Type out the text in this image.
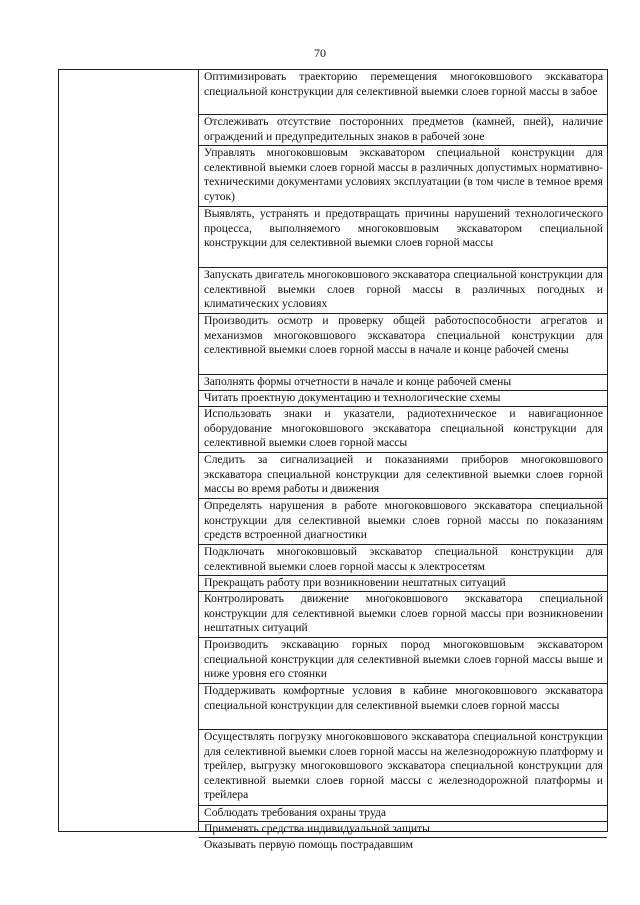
70
Оптимизировать траекторию перемещения многоковшового экскаватора специальной конструкции для селективной выемки слоев горной массы в забое
Отслеживать отсутствие посторонних предметов (камней, пней), наличие ограждений и предупредительных знаков в рабочей зоне
Управлять многоковшовым экскаватором специальной конструкции для селективной выемки слоев горной массы в различных допустимых нормативно-техническими документами условиях эксплуатации (в том числе в темное время суток)
Выявлять, устранять и предотвращать причины нарушений технологического процесса, выполняемого многоковшовым экскаватором специальной конструкции для селективной выемки слоев горной массы
Запускать двигатель многоковшового экскаватора специальной конструкции для селективной выемки слоев горной массы в различных погодных и климатических условиях
Производить осмотр и проверку общей работоспособности агрегатов и механизмов многоковшового экскаватора специальной конструкции для селективной выемки слоев горной массы в начале и конце рабочей смены
Заполнять формы отчетности в начале и конце рабочей смены
Читать проектную документацию и технологические схемы
Использовать знаки и указатели, радиотехническое и навигационное оборудование многоковшового экскаватора специальной конструкции для селективной выемки слоев горной массы
Следить за сигнализацией и показаниями приборов многоковшового экскаватора специальной конструкции для селективной выемки слоев горной массы во время работы и движения
Определять нарушения в работе многоковшового экскаватора специальной конструкции для селективной выемки слоев горной массы по показаниям средств встроенной диагностики
Подключать многоковшовый экскаватор специальной конструкции для селективной выемки слоев горной массы к электросетям
Прекращать работу при возникновении нештатных ситуаций
Контролировать движение многоковшового экскаватора специальной конструкции для селективной выемки слоев горной массы при возникновении нештатных ситуаций
Производить экскавацию горных пород многоковшовым экскаватором специальной конструкции для селективной выемки слоев горной массы выше и ниже уровня его стоянки
Поддерживать комфортные условия в кабине многоковшового экскаватора специальной конструкции для селективной выемки слоев горной массы
Осуществлять погрузку многоковшового экскаватора специальной конструкции для селективной выемки слоев горной массы на железнодорожную платформу и трейлер, выгрузку многоковшового экскаватора специальной конструкции для селективной выемки слоев горной массы с железнодорожной платформы и трейлера
Соблюдать требования охраны труда
Применять средства индивидуальной защиты
Оказывать первую помощь пострадавшим
